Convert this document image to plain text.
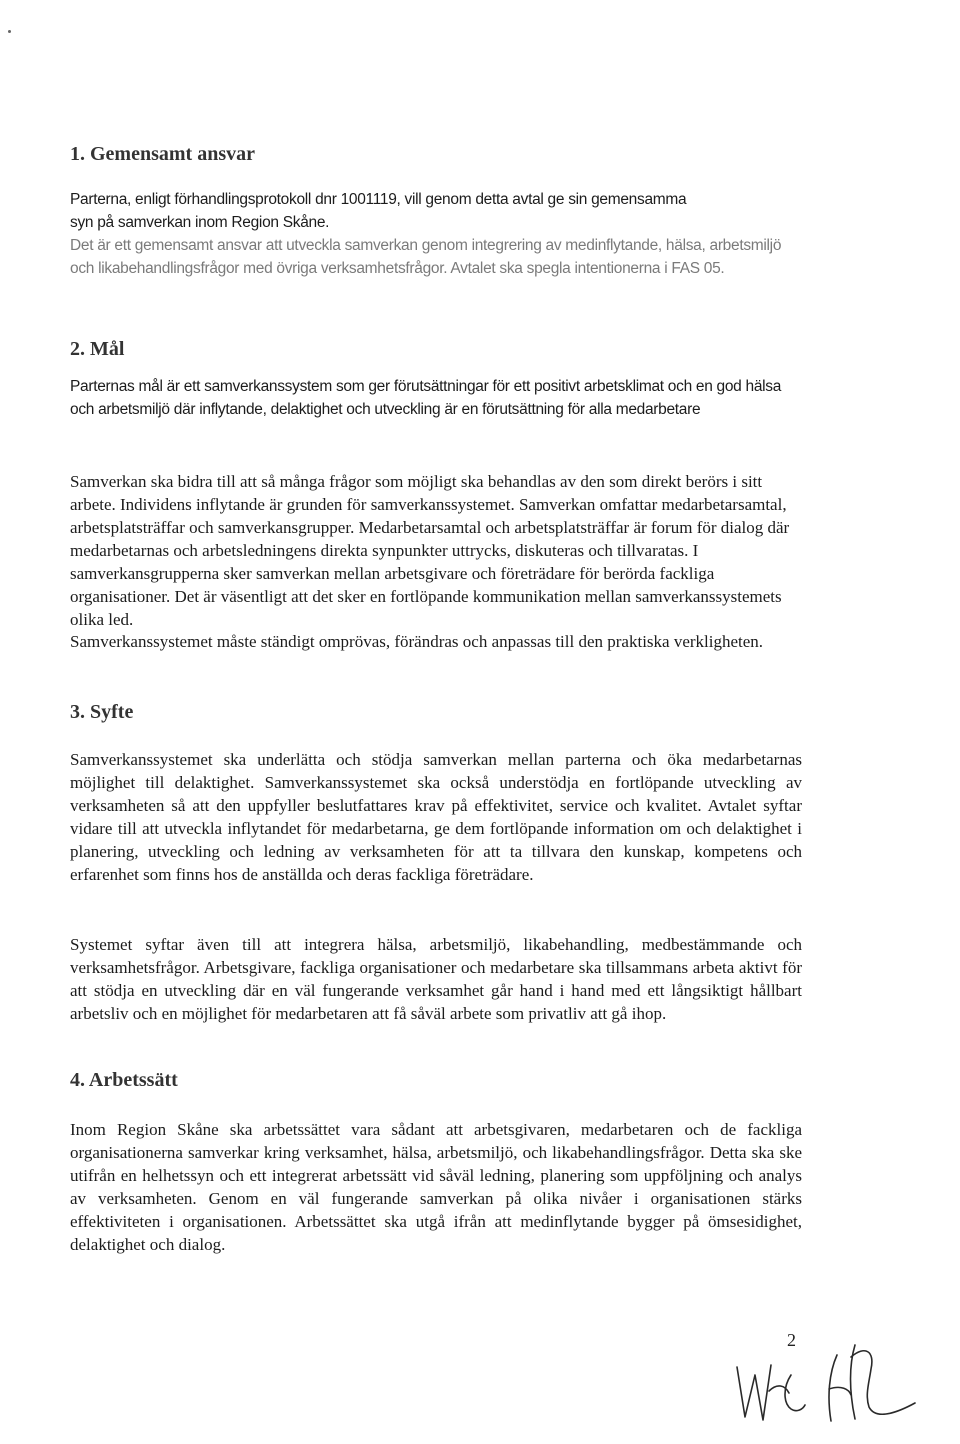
1. Gemensamt ansvar

Parterna, enligt förhandlingsprotokoll dnr 1001119, vill genom detta avtal ge sin gemensamma syn på samverkan inom Region Skåne.

Det är ett gemensamt ansvar att utveckla samverkan genom integrering av medinflytande, hälsa, arbetsmiljö och likabehandlingsfrågor med övriga verksamhetsfrågor. Avtalet ska spegla intentionerna i FAS 05.

2. Mål

Parternas mål är ett samverkanssystem som ger förutsättningar för ett positivt arbetsklimat och en god hälsa och arbetsmiljö där inflytande, delaktighet och utveckling är en förutsättning för alla medarbetare

Samverkan ska bidra till att så många frågor som möjligt ska behandlas av den som direkt berörs i sitt arbete. Individens inflytande är grunden för samverkanssystemet. Samverkan omfattar medarbetarsamtal, arbetsplatsträffar och samverkansgrupper. Medarbetarsamtal och arbetsplatsträffar är forum för dialog där medarbetarnas och arbetsledningens direkta synpunkter uttrycks, diskuteras och tillvaratas. I samverkansgrupperna sker samverkan mellan arbetsgivare och företrädare för berörda fackliga organisationer. Det är väsentligt att det sker en fortlöpande kommunikation mellan samverkanssystemets olika led.

Samverkanssystemet måste ständigt omprövas, förändras och anpassas till den praktiska verkligheten.

3. Syfte

Samverkanssystemet ska underlätta och stödja samverkan mellan parterna och öka medarbetarnas möjlighet till delaktighet. Samverkanssystemet ska också understödja en fortlöpande utveckling av verksamheten så att den uppfyller beslutfattares krav på effektivitet, service och kvalitet. Avtalet syftar vidare till att utveckla inflytandet för medarbetarna, ge dem fortlöpande information om och delaktighet i planering, utveckling och ledning av verksamheten för att ta tillvara den kunskap, kompetens och erfarenhet som finns hos de anställda och deras fackliga företrädare.

Systemet syftar även till att integrera hälsa, arbetsmiljö, likabehandling, medbestämmande och verksamhetsfrågor. Arbetsgivare, fackliga organisationer och medarbetare ska tillsammans arbeta aktivt för att stödja en utveckling där en väl fungerande verksamhet går hand i hand med ett långsiktigt hållbart arbetsliv och en möjlighet för medarbetaren att få såväl arbete som privatliv att gå ihop.

4. Arbetssätt

Inom Region Skåne ska arbetssättet vara sådant att arbetsgivaren, medarbetaren och de fackliga organisationerna samverkar kring verksamhet, hälsa, arbetsmiljö, och likabehandlingsfrågor. Detta ska ske utifrån en helhetssyn och ett integrerat arbetssätt vid såväl ledning, planering som uppföljning och analys av verksamheten. Genom en väl fungerande samverkan på olika nivåer i organisationen stärks effektiviteten i organisationen. Arbetssättet ska utgå ifrån att medinflytande bygger på ömsesidighet, delaktighet och dialog.

2
